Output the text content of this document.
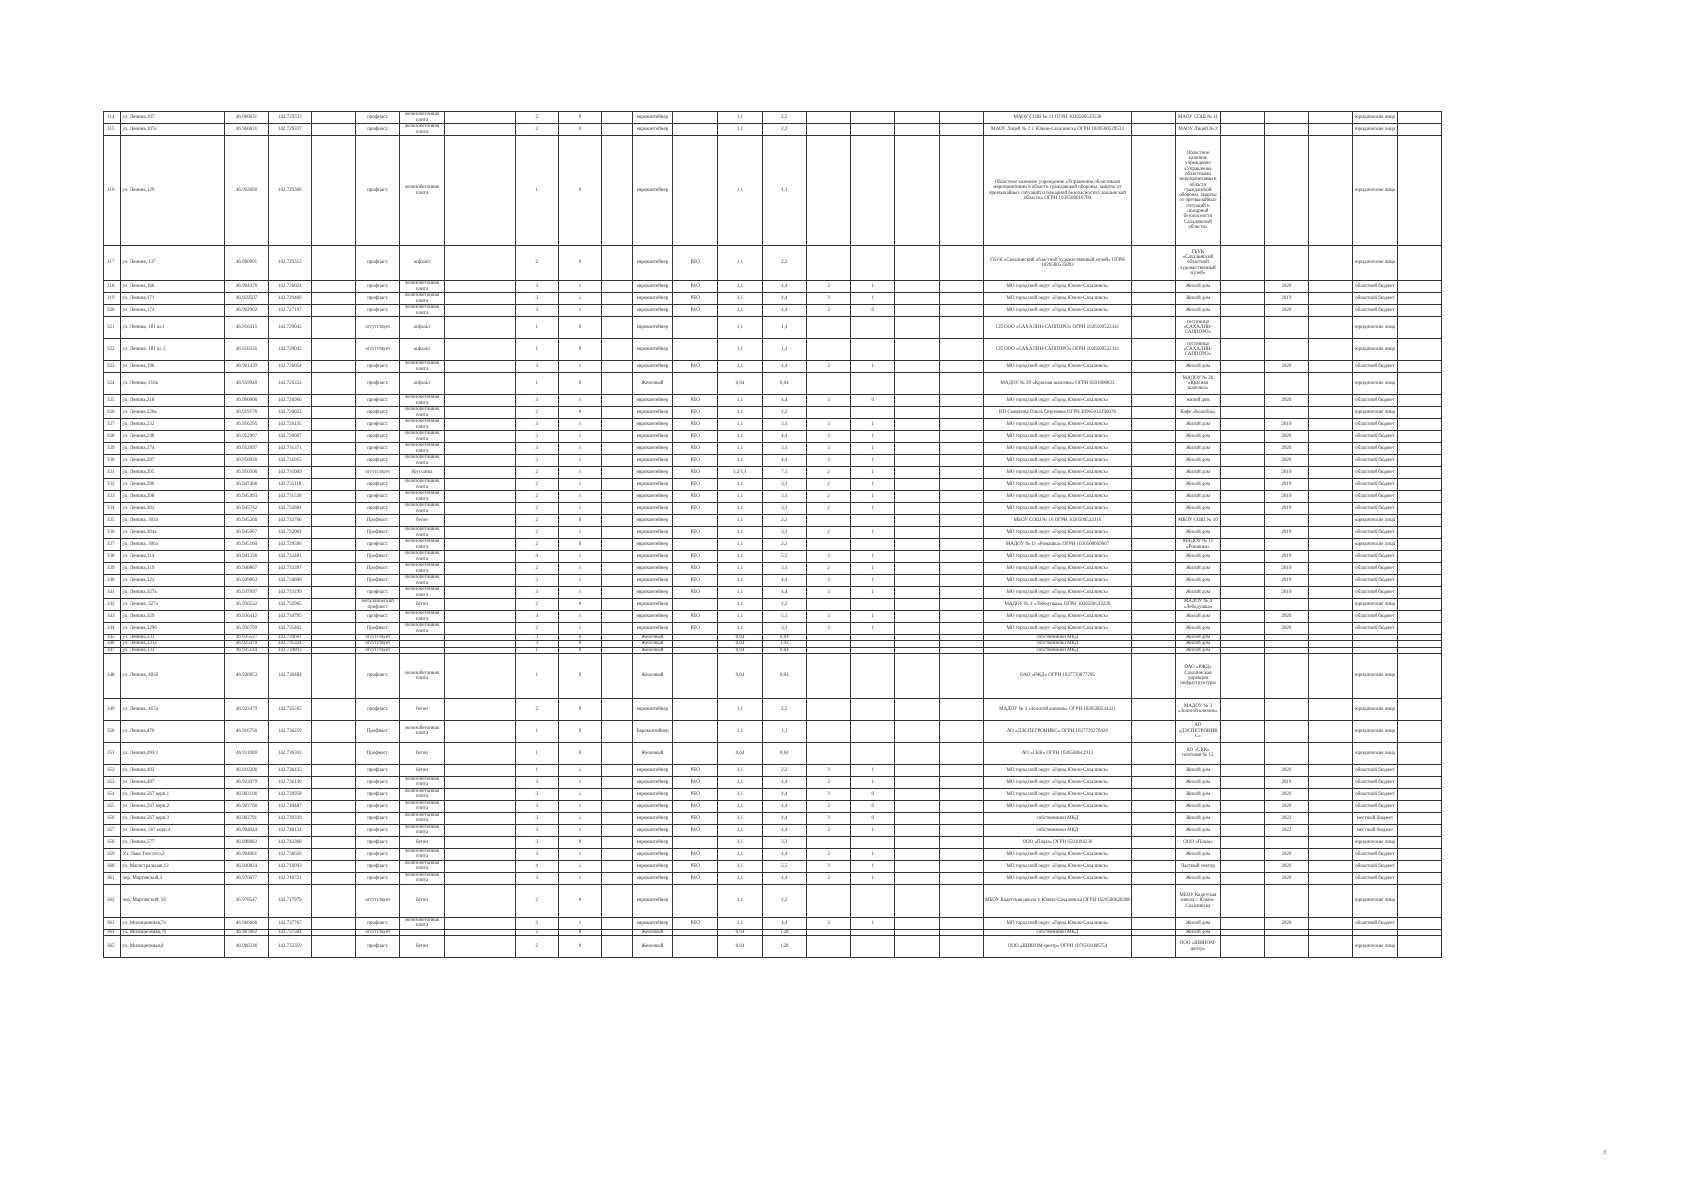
314	ул. Ленина,107	46.966631	142.729333		профнаст.	железобетонная плита		2	0		евроконтейнер		1,1	2,2					МАОУ СОШ № 11 ОГРН 1026500529538		МАОУ СОШ № 11				юридические лица	
315	ул. Ленина,107а	46.966631	142.729337		профнаст.	железобетонная плита		2	0		евроконтейнер		1,1	2,2					МАОУ Лицей № 2 г. Южно-Сахалинска ОГРН 1026500529533		МАОУ Лицей № 2				юридические лица	
316	ул. Ленина,129	46.962666	142.729366		профнаст.	железобетонная плита		1	0		евроконтейнер		1,1	1,1					Областное казенное учреждение «Управление областными мероприятиями в области гражданской обороны, защиты от чрезвычайных ситуаций и пожарной безопасности Сахалинской области» ОГРН 1036500616760		Областное казенное учреждение «Управление областными мероприятиями в области гражданской обороны, защиты от чрезвычайных ситуаций и пожарной безопасности Сахалинской области»				юридические лица	
317	ул. Ленина, 137	46.960991	142.729353		профнаст.	асфальт		2	0		евроконтейнер	РЕО	1,1	2,2					ГБУК «Сахалинский областной художественный музей» ОГРН 1026500535893		ГБУК «Сахалинский областной художественный музей»				юридические лица	
318	ул. Ленина,166	46.964476	142.726024		профнаст.	железобетонная плита		3	1		евроконтейнер	РЕО	1,1	4,4	3	1			МО городской округ «Город Южно-Сахалинск»		Жилой дом		2020		областной бюджет	
319	ул. Ленина,171	46.959507	142.729466		профнаст.	железобетонная плита		3	1		евроконтейнер	РЕО	1,1	4,4	3	1			МО городской округ «Город Южно-Сахалинск»		Жилой дом		2019		областной бюджет	
320	ул. Ленина,174	46.962902	142.727197		профнаст.	железобетонная плита		3	1		евроконтейнер	РЕО	1,1	4,4	3	0			МО городской округ «Город Южно-Сахалинск»		Жилой дом		2020		областной бюджет	
321	ул. Ленина, 181 ш.1	46.956315	142.729042		отсутствует	асфальт		1	0		евроконтейнер		1,1	1,1					СП ООО «САХАЛИН-САППОРО» ОГРН 1026500522341		гостиница «САХАЛИН-САППОРО»				юридические лица	
322	ул. Ленина, 181 ш. 2	46.956335	142.729042		отсутствует	асфальт		1	0		евроконтейнер		1,1	1,1					СП ООО «САХАЛИН-САППОРО» ОГРН 1026500522341		гостиница «САХАЛИН-САППОРО»				юридические лица	
323	ул. Ленина,196	46.961439	142.726054		профнаст.	железобетонная плита		3	1		евроконтейнер	РЕО	1,1	4,4	3	1			МО городской округ «Город Южно-Сахалинск»		Жилой дом		2020		областной бюджет	
324	ул. Ленина, 216а	46.959940	142.726332		профнаст.	асфальт		1	0		Железный		0,64	0,64					МАДОУ № 20 «Красная шапочка» ОГРН 6501000833		МАДОУ № 20 «Красная шапочка»				юридические лица	
325	ул. Ленина,218	46.960006	142.726960		профнаст.	железобетонная плита		3	1		евроконтейнер	РЕО	1,1	4,4	3	0			МО городской округ «Город Южно-Сахалинск»		жилой дом		2020		областной бюджет	
326	ул. Ленина,220а	46.959176	142.726022		профнаст.	железобетонная плита		2	0		евроконтейнер	РЕО	1,1	2,2					ИП Смирнова Ольга Сергеевна ОГРН 40965012290076		Кафе «Колобок»				юридические лица	
327	ул. Ленина,232	46.956295	142.726135		профнаст.	железобетонная плита		3	1		евроконтейнер	РЕО	1,1	3,3	3	1			МО городской округ «Город Южно-Сахалинск»		Жилой дом		2019		областной бюджет	
328	ул. Ленина,248	46.952967	142.730007		профнаст.	железобетонная плита		3	1		евроконтейнер	РЕО	1,1	4,4	3	1			МО городской округ «Город Южно-Сахалинск»		Жилой дом		2020		областной бюджет	
329	ул. Ленина,274	46.952097	142.731371		профнаст.	железобетонная плита		3	1		евроконтейнер	РЕО	1,1	3,3	3	1			МО городской округ «Город Южно-Сахалинск»		Жилой дом		2020		областной бюджет	
330	ул. Ленина,287	46.950926	142.731015		профнаст.	железобетонная плита		3	1		евроконтейнер	РЕО	1,1	4,4	3	1			МО городской округ «Город Южно-Сахалинск»		Жилой дом		2020		областной бюджет	
331	ул. Ленина,295	46.950506	142.731609		отсутствует	брусчатка		2	1		евроконтейнер	РЕО	3,2/1,1	7,5	2	1			МО городской округ «Город Южно-Сахалинск»		Жилой дом		2019		областной бюджет	
332	ул. Ленина,296	46.947406	142.731118		профнаст.	железобетонная плита		2	1		евроконтейнер	РЕО	1,1	3,3	2	1			МО городской округ «Город Южно-Сахалинск»		Жилой дом		2019		областной бюджет	
333	ул. Ленина,298	46.945493	142.731528		профнаст.	железобетонная плита		2	1		евроконтейнер	РЕО	1,1	3,3	2	1			МО городской округ «Город Южно-Сахалинск»		Жилой дом		2019		областной бюджет	
334	ул. Ленина,303	46.945742	142.732884		профнаст.	железобетонная плита		2	1		евроконтейнер	РЕО	1,1	3,3	2	1			МО городской округ «Город Южно-Сахалинск»		Жилой дом		2019		областной бюджет	
335	ул. Ленина, 303а	46.945266	142.732766		Профнаст.	бетон		2	0		евроконтейнер		1,1	2,2					МБОУ СОШ № 16 ОГРН 1026500522316		МБОУ СОШ № 16				юридические лица	
336	ул. Ленина,304а	46.945607	142.732064		Профнаст.	железобетонная плита		2	1		евроконтейнер	РЕО	1,1	3,3	2	1			МО городской округ «Город Южно-Сахалинск»		Жилой дом		2019		областной бюджет	
337	ул. Ленина, 306а	46.945160	142.729596		профнаст.	железобетонная плита		2	0		евроконтейнер		1,1	2,2					МАДОУ № 11 «Ромашка» ОГРН 1026500669067		МАДОУ № 11 «Ромашка»				юридические лица	
338	ул. Ленина,314	46.941336	142.732481		Профнаст.	железобетонная плита		4	1		евроконтейнер	РЕО	1,1	5,5	3	1			МО городской округ «Город Южно-Сахалинск»		Жилой дом		2019		областной бюджет	
339	ул. Ленина,319	46.940867	142.733397		Профнаст.	железобетонная плита		2	1		евроконтейнер	РЕО	1,1	3,3	2	1			МО городской округ «Город Южно-Сахалинск»		Жилой дом		2019		областной бюджет	
340	ул. Ленина,323	46.939063	142.734600		Профнаст.	железобетонная плита		3	1		евроконтейнер	РЕО	1,1	4,4	3	1			МО городской округ «Город Южно-Сахалинск»		Жилой дом		2019		областной бюджет	
341	ул. Ленина,327а	46.937697	142.733199		профнаст.	железобетонная плита		3	1		евроконтейнер	РЕО	1,1	4,4	3	1			МО городской округ «Город Южно-Сахалинск»		Жилой дом		2019		областной бюджет	
342	ул. Ленина, 327а	46.936532	142.732965		металлический профлист	бетон		2	0		евроконтейнер		1,1	2,2					МАДОУ № 4 «Лебедушка» ОГРН 1026500533239		МАДОУ № 4 «Лебедушка»				юридические лица	
343	ул. Ленина,329	46.936412	142.734795		профнаст.	железобетонная плита		4	1		евроконтейнер	РЕО	1,1	5,5	3	1			МО городской округ «Город Южно-Сахалинск»		Жилой дом		2020		областной бюджет	
344	ул. Ленина,329б	46.936769	142.735402		Профнаст.	железобетонная плита		2	1		евроконтейнер	РЕО	1,1	3,3	3	1			МО городской округ «Город Южно-Сахалинск»		Жилой дом		2020		областной бюджет	
345	ул. Ленина,331	46.935527	142.734601		отсутствует			3	0		Железный		0,64	0,64					собственники МКД		Жилой дом					
346	ул. Ленина,331а	46.935470	142.735334		отсутствует			3	0		Железный		0,64	1,92					собственники МКД		Жилой дом					
347	ул. Ленина,333	46.935144	142.734893		отсутствует			1	0		Железный		0,64	0,64					собственники МКД		Жилой дом					
348	ул. Ленина, 405б	46.920653	142.736484		профнаст.	железобетонная плита		1	0		Железный		0,64	0,64					ОАО «РЖД» ОГРН 1037739877295		ОАО «РЖД» Сахалинская дирекция инфраструктуры				юридические лица	
349	ул. Ленина, 467а	46.923479	142.735565		профнаст.	бетон		2	0		евроконтейнер		1,1	2,2					МАДОУ № 3 «Золотой ключик» ОГРН 1026500534431		МАДОУ № 3 «Золотой ключик»				юридические лица	
350	ул. Ленина,470	46.916756	142.736259		Профнаст.	железобетонная плита		1	0		Евроконтейнер		1,1	1,1					АО «ДЭСПЕТРОНИКС» ОГРН 1027739278420		АО «ДЭСПЕТРОНИКС»				юридические лица	
351	ул. Ленина,493/1	46.911069	142.736302		Профнаст.	бетон		1	0		Железный		0,64	0,64					АО «СКК» ОГРН 1036500612913		АО «СКК» почтовая № 12				юридические лица	
352	ул. Ленина,492	46.910206	142.736435		профнаст.	бетон		1	1		евроконтейнер	РЕО	1,1	2,2	3	1			МО городской округ «Город Южно-Сахалинск»		Жилой дом		2020		областной бюджет	
353	ул. Ленина,497	46.922079	142.736149		профнаст.	железобетонная плита		3	1		евроконтейнер	РЕО	1,1	4,4	3	1			МО городской округ «Город Южно-Сахалинск»		Жилой дом		2019		областной бюджет	
354	ул. Ленина,567 корп.1	46.903106	142.739958		профнаст.	железобетонная плита		3	1		евроконтейнер	РЕО	1,1	4,4	3	0			МО городской округ «Город Южно-Сахалинск»		Жилой дом		2020		областной бюджет	
355	ул. Ленина,567 корп.2	46.903766	142.740487		профнаст.	железобетонная плита		3	1		евроконтейнер	РЕО	1,1	4,4	3	0			МО городской округ «Город Южно-Сахалинск»		Жилой дом		2020		областной бюджет	
356	ул. Ленина,567 корп.3	46.903791	142.739339		профнаст.	железобетонная плита		3	1		евроконтейнер	РЕО	1,1	4,4	3	0			собственники МКД		Жилой дом		2022		местный бюджет	
357	ул. Ленина, 567 корп.4	46.904044	142.740134		профнаст.	железобетонная плита		3	1		евроконтейнер	РЕО	1,1	4,4	3	1			собственники МКД		Жилой дом		2022		местный бюджет	
358	ул. Ленина,577	46.898083	142.742368		профнаст.	бетон		3	0		евроконтейнер		1,1	3,3					ООО «Плаза» ОГРН 6501094236		ООО «Плаза»				юридические лица	
359	Ул. Льва Толстого,2	46.964061	142.736026		профнаст.	железобетонная плита		3	1		евроконтейнер	РЕО	1,1	4,4	3	1			МО городской округ «Город Южно-Сахалинск»		Жилой дом		2020		областной бюджет	
360	ул. Магистральная,12	46.940824	142.716093		профнаст.	железобетонная плита		4	1		евроконтейнер	РЕО	1,1	5,5	3	1			МО городской округ «Город Южно-Сахалинск»		Частный сектор		2020		областной бюджет	
361	пер. Мартовский,3	46.976677	142.718721		профнаст.	железобетонная плита		3	1		евроконтейнер	РЕО	1,1	4,4	3	1			МО городской округ «Город Южно-Сахалинск»		Жилой дом		2020		областной бюджет	
362	пер. Мартовский, 5б	46.978547	142.717979		отсутствует	бетон		2	0		евроконтейнер		1,1	2,2					МБОУ Кадетская школа г. Южно-Сахалинска ОГРН 1026500626208		МБОУ Кадетская школа г. Южно-Сахалинска				юридические лица	
363	ул. Милиционная,7а	46.966666	142.737767		профнаст.	железобетонная плита		3	1		евроконтейнер	РЕО	1,1	4,4	3	1			МО городской округ «Город Южно-Сахалинск»		Жилой дом		2020		областной бюджет	
364	ул. Милиционная,7б	46.967002	142.737584		отсутствует			2	0		Железный		0,64	1,28					собственники МКД		Жилой дом					
365	ул. Милиционная,8	46.966336	142.732359		профнаст.	бетон		2	0		Железный		0,64	1,28					ООО «ШИНОМ-центр» ОГРН 1076501006754		ООО «ШИНОМ-центр»				юридические лица	
3
